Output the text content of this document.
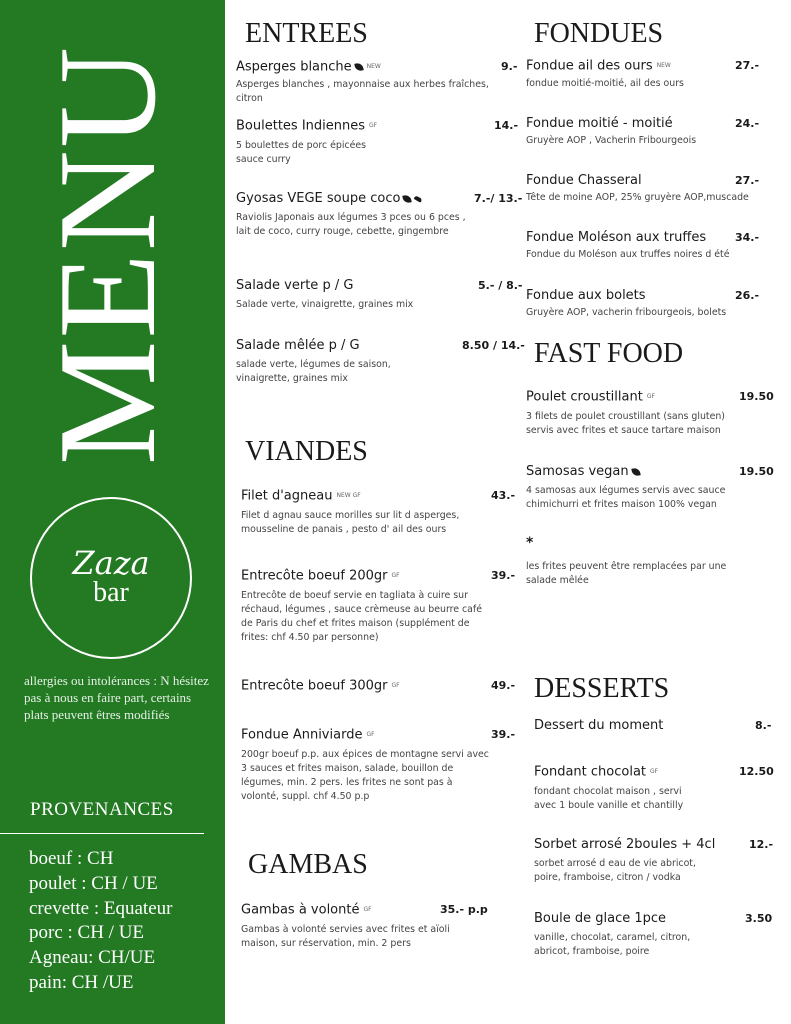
MENU
Zaza
bar
allergies ou intolérances : N hésitez pas à nous en faire part, certains plats peuvent êtres modifiés
PROVENANCES
boeuf : CH
poulet : CH / UE
crevette : Equateur
porc : CH / UE
Agneau: CH/UE
pain: CH /UE
ENTREES
Asperges blanche	NEW	9.-
Asperges blanches , mayonnaise aux herbes fraîches, citron
Boulettes Indiennes GF	14.-
5 boulettes de porc épicées sauce curry
Gyosas VEGE soupe coco	7.-/ 13.-
Raviolis Japonais aux légumes 3 pces ou 6 pces , lait de coco, curry rouge, cebette, gingembre
Salade verte p / G	5.- / 8.-
Salade verte, vinaigrette, graines mix
Salade mêlée p / G	8.50 / 14.-
salade verte, légumes de saison, vinaigrette, graines mix
VIANDES
Filet d'agneau NEW GF	43.-
Filet d agnau sauce morilles sur lit d asperges, mousseline de panais , pesto d' ail des ours
Entrecôte boeuf 200gr GF	39.-
Entrecôte de boeuf servie en tagliata à cuire sur réchaud, légumes , sauce crèmeuse au beurre café de Paris du chef et frites maison (supplément de frites: chf 4.50 par personne)
Entrecôte boeuf 300gr GF	49.-
Fondue Anniviarde GF	39.-
200gr boeuf p.p. aux épices de montagne servi avec 3 sauces et frites maison, salade, bouillon de légumes, min. 2 pers. les frites ne sont pas à volonté, suppl. chf 4.50 p.p
GAMBAS
Gambas à volonté GF	35.- p.p
Gambas à volonté servies avec frites et aïoli maison, sur réservation, min. 2 pers
FONDUES
Fondue ail des ours NEW	27.-
fondue moitié-moitié, ail des ours
Fondue moitié - moitié	24.-
Gruyère AOP , Vacherin Fribourgeois
Fondue Chasseral	27.-
Tête de moine AOP, 25% gruyère AOP,muscade
Fondue Moléson aux truffes	34.-
Fondue du Moléson aux truffes noires d été
Fondue aux bolets	26.-
Gruyère AOP, vacherin fribourgeois, bolets
FAST FOOD
Poulet croustillant GF	19.50
3 filets de poulet croustillant (sans gluten) servis avec frites et sauce tartare maison
Samosas vegan	19.50
4 samosas aux légumes servis avec sauce chimichurri et frites maison 100% vegan
*
les frites peuvent être remplacées par une salade mêlée
DESSERTS
Dessert du moment	8.-
Fondant chocolat GF	12.50
fondant chocolat maison , servi avec 1 boule vanille et chantilly
Sorbet arrosé 2boules + 4cl	12.-
sorbet arrosé d eau de vie abricot, poire, framboise, citron / vodka
Boule de glace 1pce	3.50
vanille, chocolat, caramel, citron, abricot, framboise, poire
